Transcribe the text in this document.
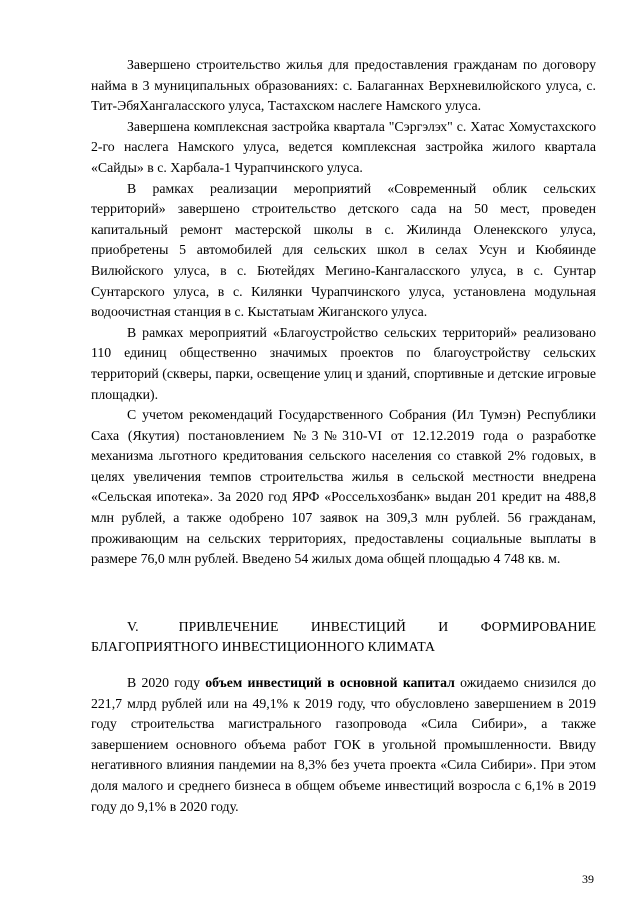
Завершено строительство жилья для предоставления гражданам по договору найма в 3 муниципальных образованиях: с. Балаганнах Верхневилюйского улуса, с. Тит-ЭбяХангаласского улуса, Тастахском наслеге Намского улуса.

Завершена комплексная застройка квартала "Сэргэлэх" с. Хатас Хомустахского 2-го наслега Намского улуса, ведется комплексная застройка жилого квартала «Сайды» в с. Харбала-1 Чурапчинского улуса.

В рамках реализации мероприятий «Современный облик сельских территорий» завершено строительство детского сада на 50 мест, проведен капитальный ремонт мастерской школы в с. Жилинда Оленекского улуса, приобретены 5 автомобилей для сельских школ в селах Усун и Кюбяинде Вилюйского улуса, в с. Бютейдях Мегино-Кангаласского улуса, в с. Сунтар Сунтарского улуса, в с. Килянки Чурапчинского улуса, установлена модульная водоочистная станция в с. Кыстатыам Жиганского улуса.

В рамках мероприятий «Благоустройство сельских территорий» реализовано 110 единиц общественно значимых проектов по благоустройству сельских территорий (скверы, парки, освещение улиц и зданий, спортивные и детские игровые площадки).

С учетом рекомендаций Государственного Собрания (Ил Тумэн) Республики Саха (Якутия) постановлением №3№310-VI от 12.12.2019 года о разработке механизма льготного кредитования сельского населения со ставкой 2% годовых, в целях увеличения темпов строительства жилья в сельской местности внедрена «Сельская ипотека». За 2020 год ЯРФ «Россельхозбанк» выдан 201 кредит на 488,8 млн рублей, а также одобрено 107 заявок на 309,3 млн рублей. 56 гражданам, проживающим на сельских территориях, предоставлены социальные выплаты в размере 76,0 млн рублей. Введено 54 жилых дома общей площадью 4 748 кв. м.

V.	ПРИВЛЕЧЕНИЕ ИНВЕСТИЦИЙ И ФОРМИРОВАНИЕ БЛАГОПРИЯТНОГО ИНВЕСТИЦИОННОГО КЛИМАТА

В 2020 году объем инвестиций в основной капитал ожидаемо снизился до 221,7 млрд рублей или на 49,1% к 2019 году, что обусловлено завершением в 2019 году строительства магистрального газопровода «Сила Сибири», а также завершением основного объема работ ГОК в угольной промышленности. Ввиду негативного влияния пандемии на 8,3% без учета проекта «Сила Сибири». При этом доля малого и среднего бизнеса в общем объеме инвестиций возросла с 6,1% в 2019 году до 9,1% в 2020 году.

39
